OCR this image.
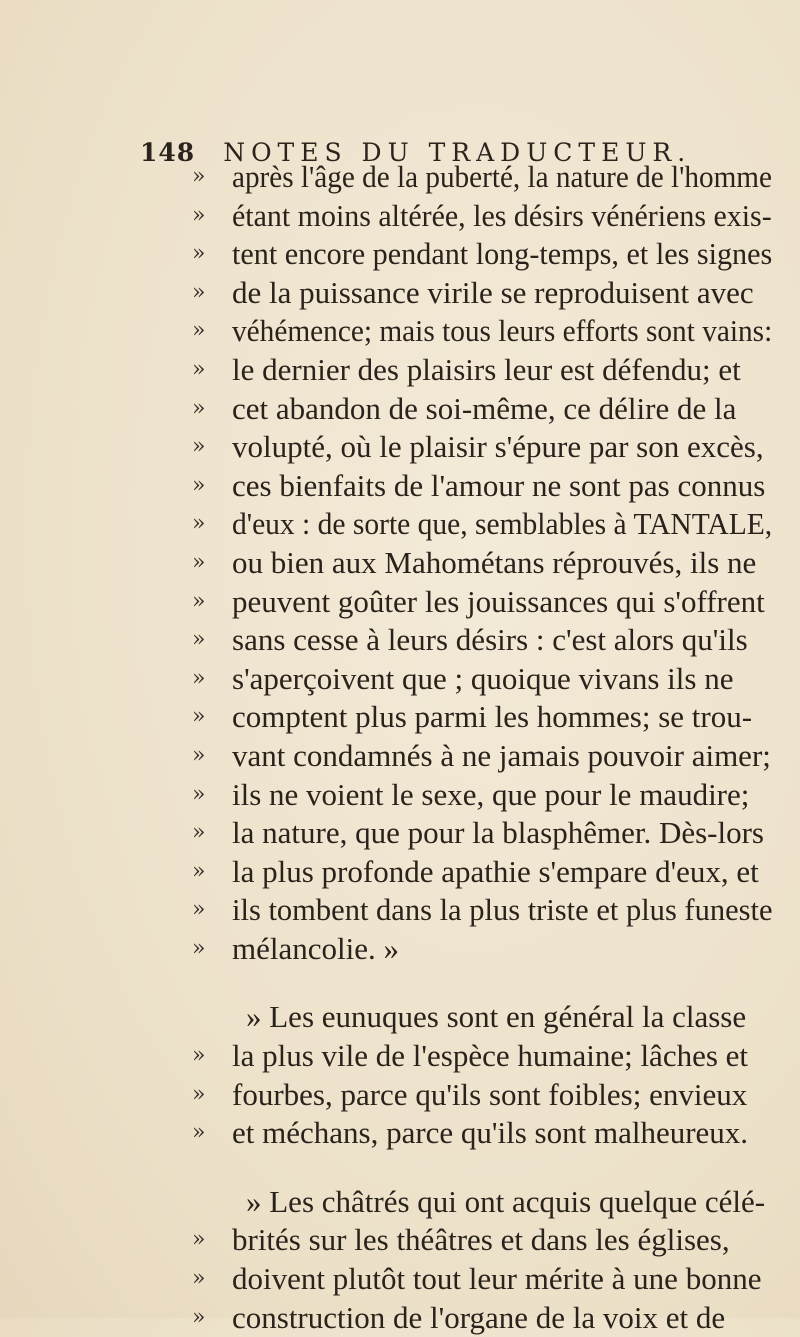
148 NOTES DU TRADUCTEUR.
» après l'âge de la puberté, la nature de l'homme
» étant moins altérée, les désirs vénériens exis-
» tent encore pendant long-temps, et les signes
» de la puissance virile se reproduisent avec
» véhémence; mais tous leurs efforts sont vains:
» le dernier des plaisirs leur est défendu; et
» cet abandon de soi-même, ce délire de la
» volupté, où le plaisir s'épure par son excès,
» ces bienfaits de l'amour ne sont pas connus
» d'eux : de sorte que, semblables à TANTALE,
» ou bien aux Mahométans réprouvés, ils ne
» peuvent goûter les jouissances qui s'offrent
» sans cesse à leurs désirs : c'est alors qu'ils
» s'aperçoivent que ; quoique vivans ils ne
» comptent plus parmi les hommes; se trou-
» vant condamnés à ne jamais pouvoir aimer;
» ils ne voient le sexe, que pour le maudire;
» la nature, que pour la blasphêmer. Dès-lors
» la plus profonde apathie s'empare d'eux, et
» ils tombent dans la plus triste et plus funeste
» mélancolie. »
» Les eunuques sont en général la classe
» la plus vile de l'espèce humaine; lâches et
» fourbes, parce qu'ils sont foibles; envieux
» et méchans, parce qu'ils sont malheureux.
» Les châtrés qui ont acquis quelque célé-
» brités sur les théâtres et dans les églises,
» doivent plutôt tout leur mérite à une bonne
» construction de l'organe de la voix et de
